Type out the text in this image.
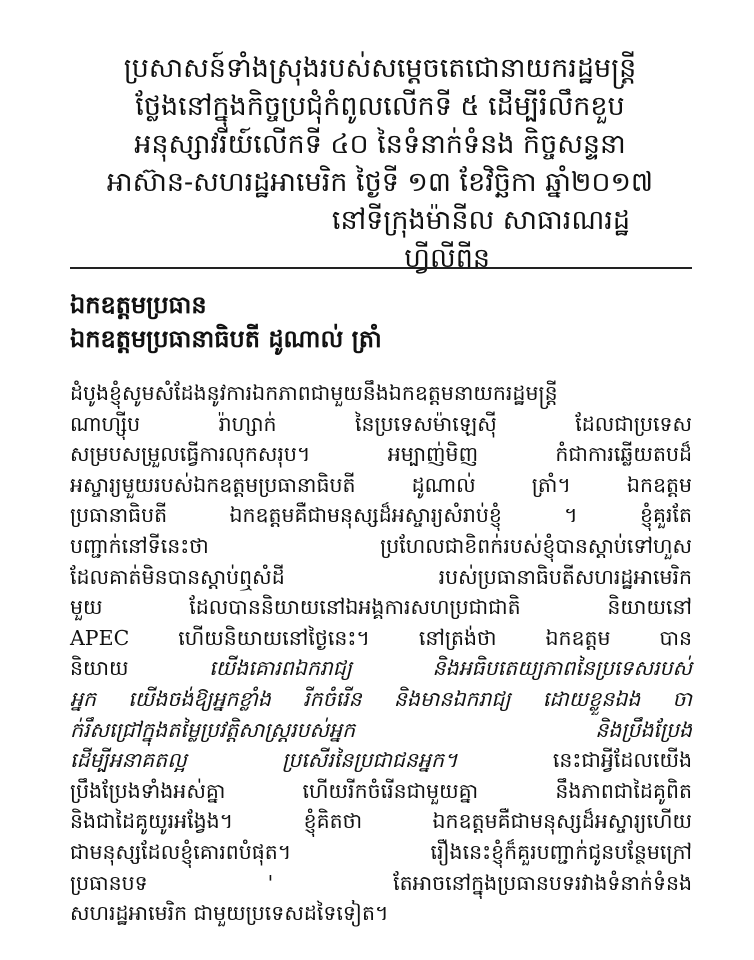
ប្រសាសន៍ទាំងស្រុងរបស់សម្ដេចតេជោនាយករដ្ឋមន្ត្រី
ថ្លែងនៅក្នុងកិច្ចប្រជុំកំពូលលើកទី ៥ ដើម្បីរំលឹកខួប
អនុស្សាវរីយ៍លើកទី ៤០ នៃទំនាក់ទំនង កិច្ចសន្ទនា
អាស៊ាន-សហរដ្ឋអាមេរិក ថ្ងៃទី ១៣ ខែវិច្ឆិកា ឆ្នាំ២០១៧
នៅទីក្រុងម៉ានីល សាធារណរដ្ឋ
ហ្វីលីពីន
ឯកឧត្ដមប្រធាន
ឯកឧត្ដមប្រធានាធិបតី ដូណាល់ ត្រាំ
ដំបូងខ្ញុំសូមសំដែងនូវការឯកភាពជាមួយនឹងឯកឧត្ដមនាយករដ្ឋមន្ត្រី
ណាហ្ស៊ីប រ៉ាហ្សាក់ នៃប្រទេសម៉ាឡេស៊ី ដែលជាប្រទេស
សម្របសម្រួលធ្វើការលុកសរុប។ អម្បាញ់មិញ កំជាការឆ្លើយតបដ៏
អស្ចារ្យមួយរបស់ឯកឧត្ដមប្រធានាធិបតី ដូណាល់ ត្រាំ។ ឯកឧត្ដម
ប្រធានាធិបតី ឯកឧត្ដមគឺជាមនុស្សដ៏អស្ចារ្យសំរាប់ខ្ញុំ ។ ខ្ញុំគួរតែ
បញ្ជាក់នៅទីនេះថា ប្រហែលជាខិពក់របស់ខ្ញុំបានស្ដាប់ទៅហួស
ដែលគាត់មិនបានស្ដាប់ឮសំដី របស់ប្រធានាធិបតីសហរដ្ឋអាមេរិក
មួយ ដែលបាននិយាយនៅឯអង្គការសហប្រជាជាតិ និយាយនៅ
APEC ហើយនិយាយនៅថ្ងៃនេះ។ នៅត្រង់ថា ឯកឧត្ដម បាន
និយាយ យើងគោរពឯករាជ្យ និងអធិបតេយ្យភាពនៃប្រទេសរបស់
អ្នក យើងចង់ឱ្យអ្នកខ្លាំង រីកចំរើន និងមានឯករាជ្យ ដោយខ្លួនឯង ចា
ក់រឹសជ្រៅក្នុងតម្លៃប្រវត្តិសាស្រ្តរបស់អ្នក និងប្រឹងប្រែង
ដើម្បីអនាគតល្អ ប្រសើរនៃប្រជាជនអ្នក។ នេះជាអ្វីដែលយើង
ប្រឹងប្រែងទាំងអស់គ្នា ហើយរីកចំរើនជាមួយគ្នា នឹងភាពជាដៃគូពិត
និងជាដៃគូយូរអង្វែង។ ខ្ញុំគិតថា ឯកឧត្ដមគឺជាមនុស្សដ៏អស្ចារ្យហើយ
ជាមនុស្សដែលខ្ញុំគោរពបំផុត។ រឿងនេះខ្ញុំក៏គួរបញ្ជាក់ជូនបន្ថែមក្រៅ
ប្រធានបទ ' តែអាចនៅក្នុងប្រធានបទរវាងទំនាក់ទំនង
សហរដ្ឋអាមេរិក ជាមួយប្រទេសដទៃទៀត។
